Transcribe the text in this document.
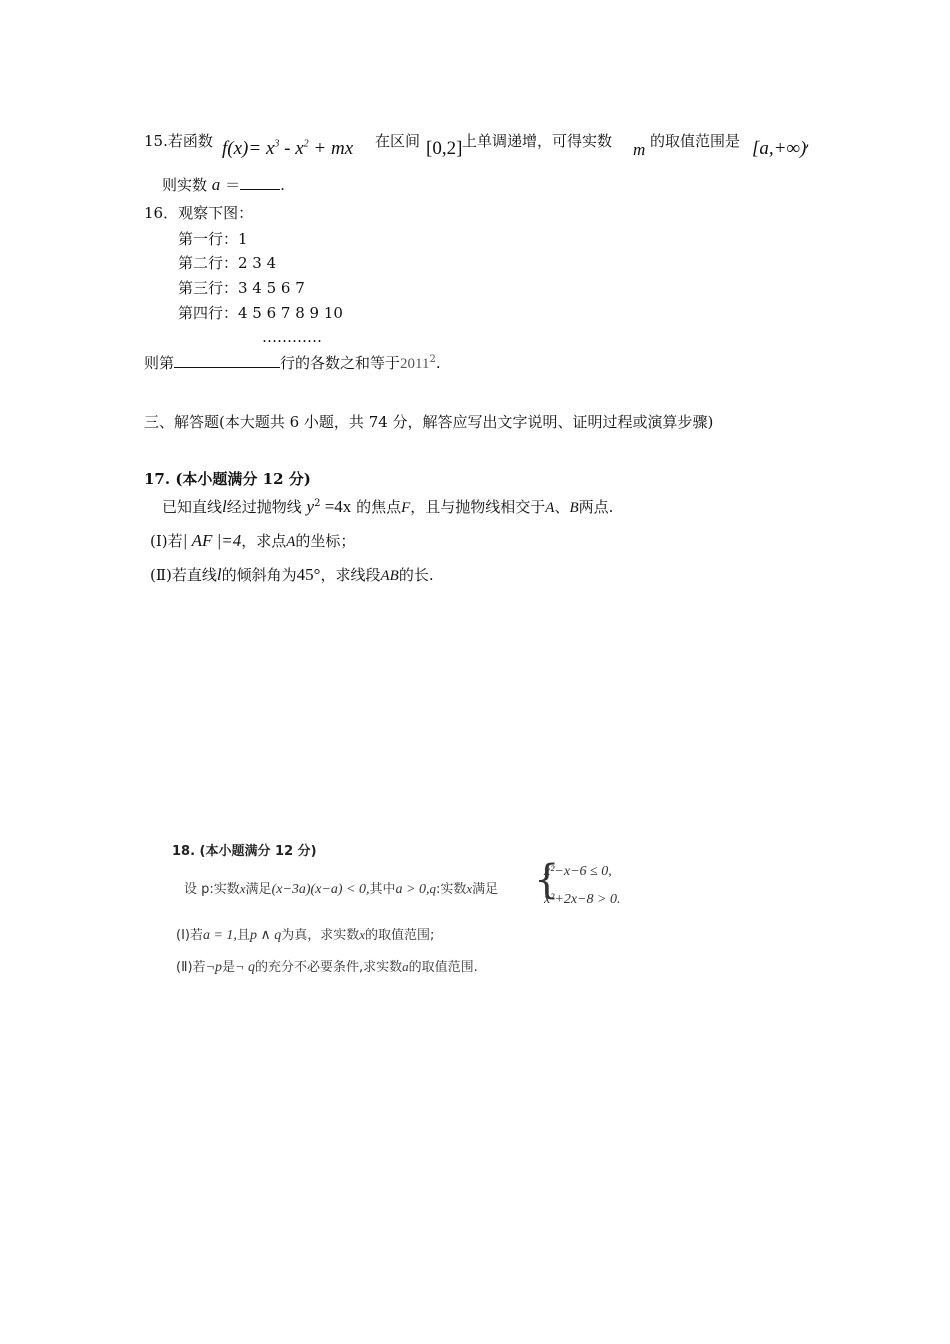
15.若函数 $f(x)= x^3 - x^2$ + mx 在区间 [0,2] 上单调递增，可得实数 m 的取值范围是 [a,+∞)
,
则实数 a ＝	.
16．观察下图：
第一行：1
第二行：2 3 4
第三行：3 4 5 6 7
第四行：4 5 6 7 8 9 10
…………
则第	行的各数之和等于2011$^2$.
三、解答题(本大题共 6 小题，共 74 分，解答应写出文字说明、证明过程或演算步骤)
17. (本小题满分 12 分)
已知直线l经过抛物线 $y^2 =4x$ 的焦点F，且与抛物线相交于A、B两点.
(Ⅰ)若| AF |=4，求点A的坐标；
(Ⅱ)若直线l的倾斜角为45°，求线段AB的长.
18. (本小题满分 12 分)
设 p:实数x满足(x−3a)(x−a) < 0,其中a > 0,q:实数x满足 {
x²−x−6 ≤ 0,
x²+2x−8 > 0.
(Ⅰ)若a = 1,且p ∧ q为真，求实数x的取值范围;
(Ⅱ)若¬p是¬ q的充分不必要条件,求实数a的取值范围.
